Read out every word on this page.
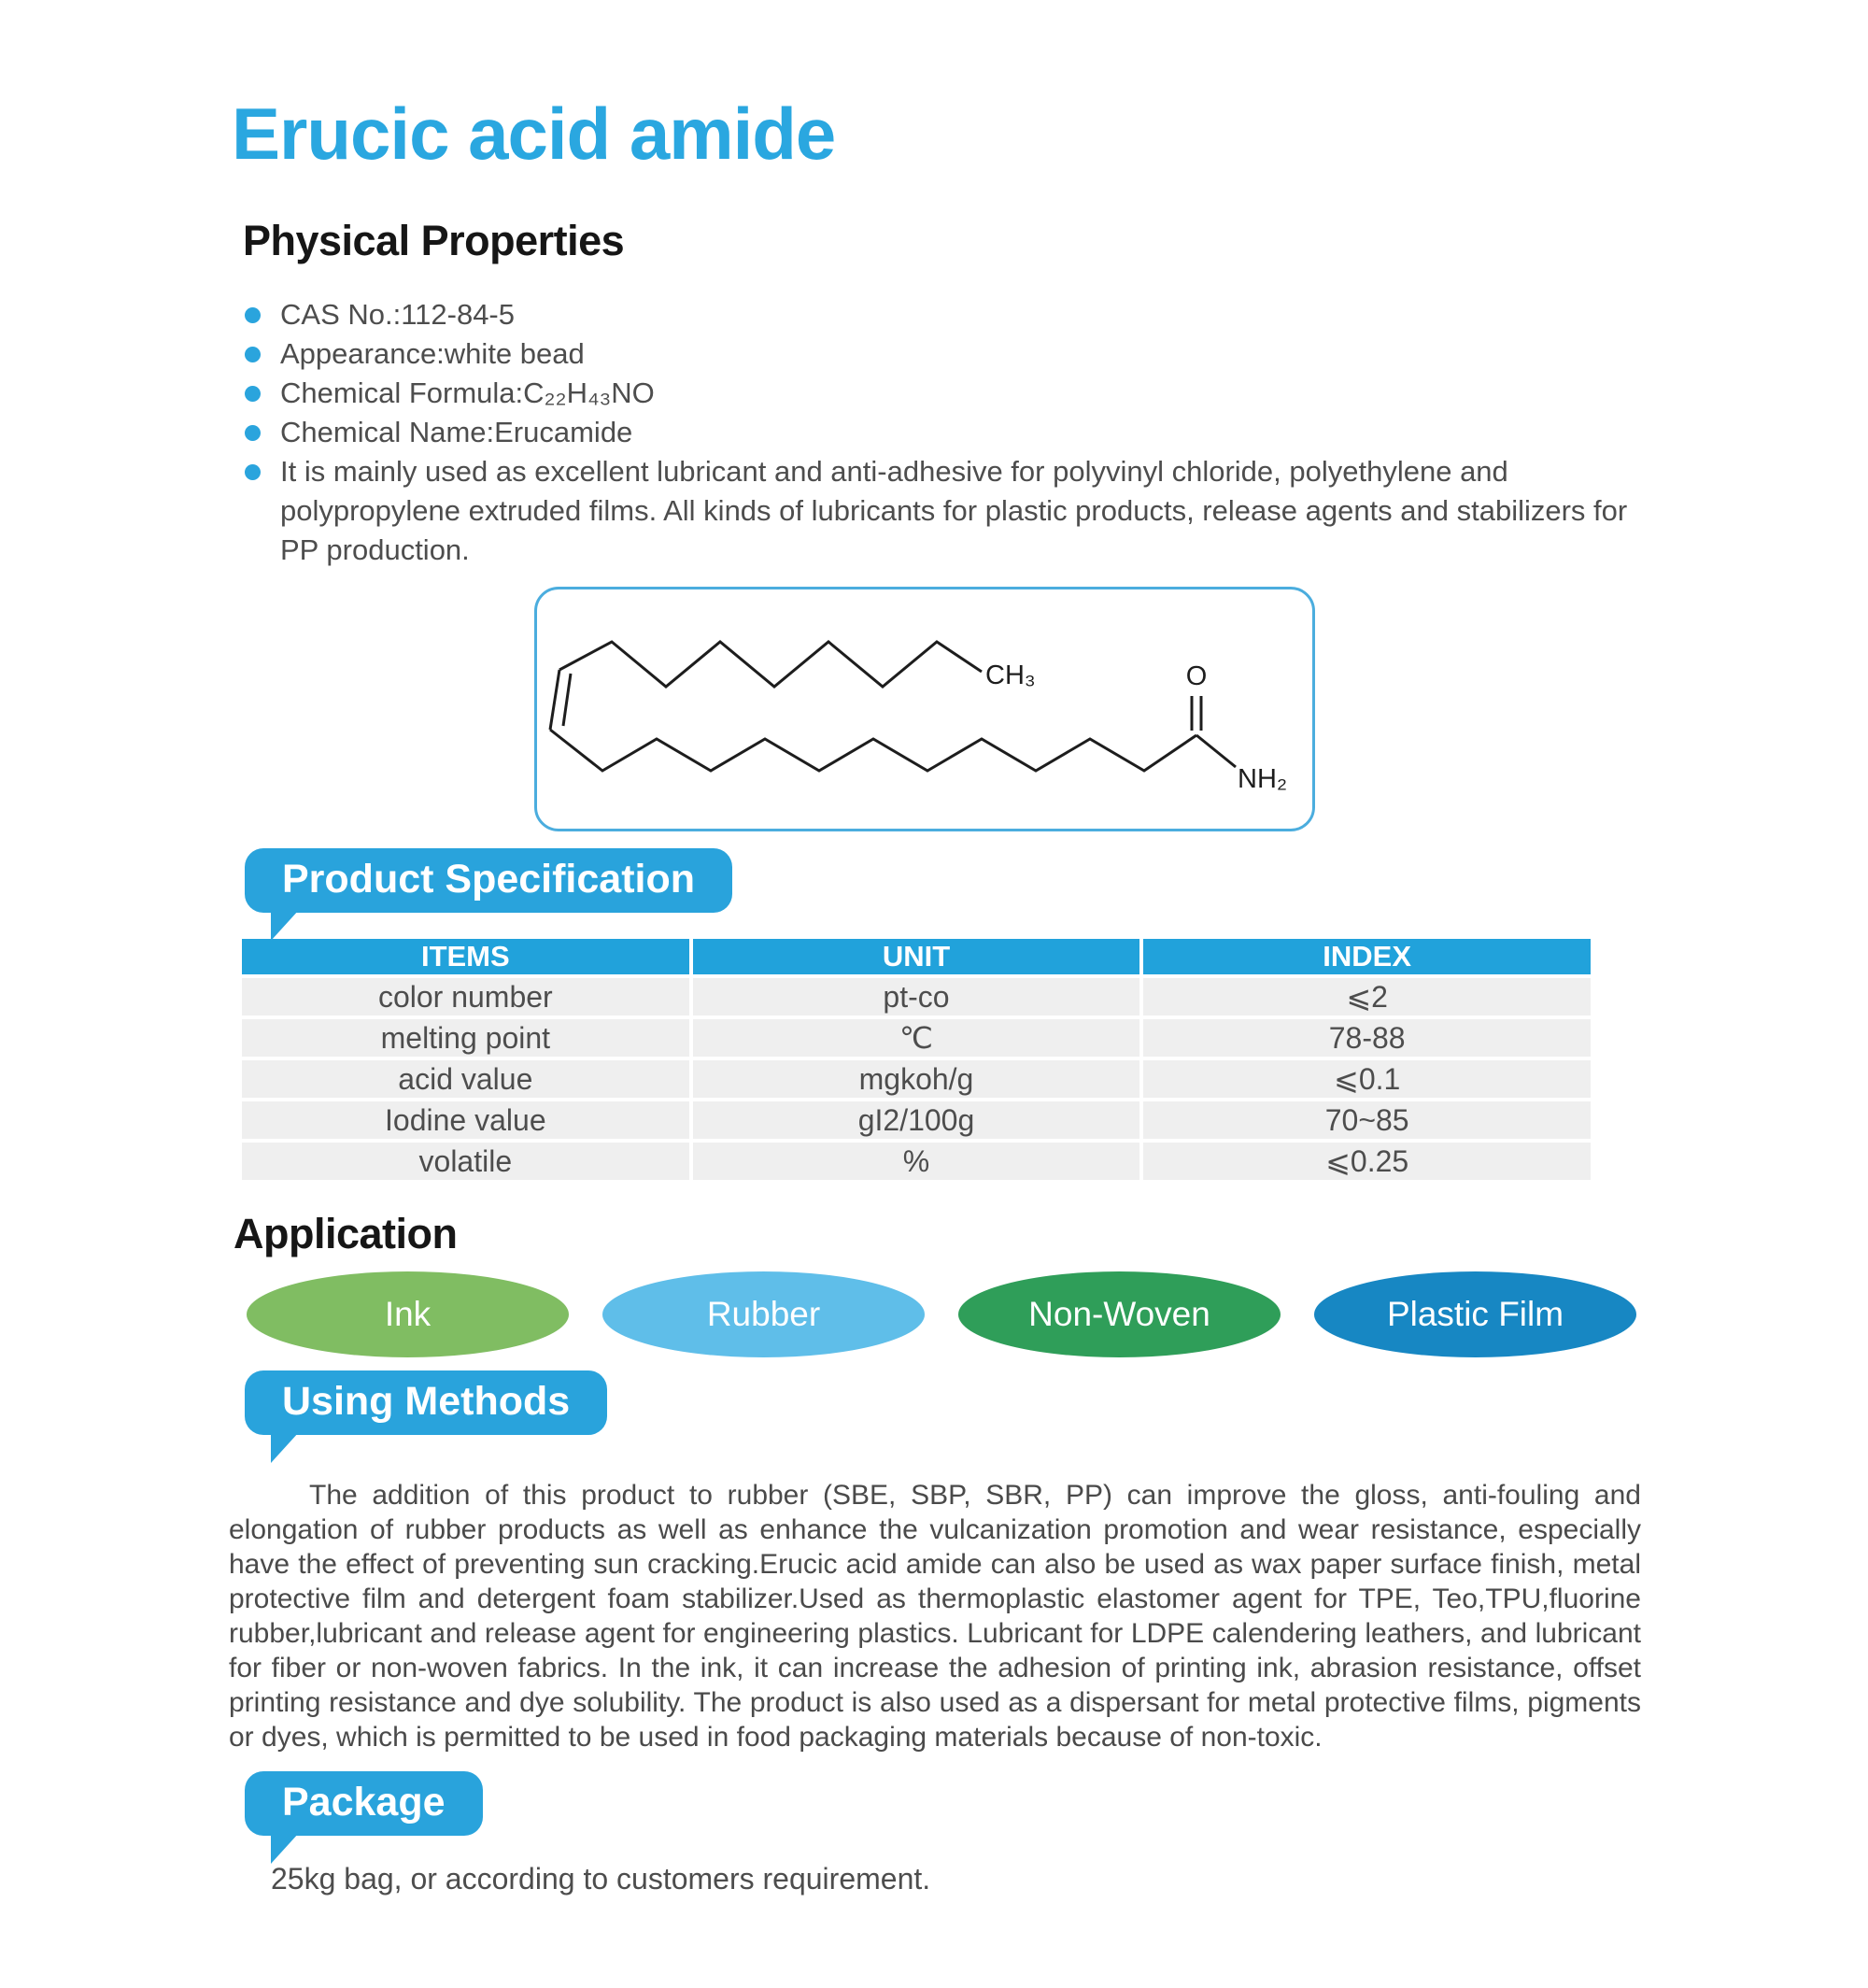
Erucic acid amide
Physical Properties
CAS No.:112-84-5
Appearance:white bead
Chemical Formula:C₂₂H₄₃NO
Chemical Name:Erucamide
It is mainly used as excellent lubricant and anti-adhesive for polyvinyl chloride, polyethylene and polypropylene extruded films. All kinds of lubricants for plastic products, release agents and stabilizers for PP production.
CH₃	O
NH₂
Product Specification
ITEMS	UNIT	INDEX
color number	pt-co	⩽2
melting point	℃	78-88
acid value	mgkoh/g	⩽0.1
Iodine value	gI2/100g	70~85
volatile	%	⩽0.25
Application
Ink	Rubber	Non-Woven	Plastic Film
Using Methods

The addition of this product to rubber (SBE, SBP, SBR, PP) can improve the gloss, anti-fouling and elongation of rubber products as well as enhance the vulcanization promotion and wear resistance, especially have the effect of preventing sun cracking.Erucic acid amide can also be used as wax paper surface finish, metal protective film and detergent foam stabilizer.Used as thermoplastic elastomer agent for TPE, Teo,TPU,fluorine rubber,lubricant and release agent for engineering plastics. Lubricant for LDPE calendering leathers, and lubricant for fiber or non-woven fabrics. In the ink, it can increase the adhesion of printing ink, abrasion resistance, offset printing resistance and dye solubility. The product is also used as a dispersant for metal protective films, pigments or dyes, which is permitted to be used in food packaging materials because of non-toxic.

Package

25kg bag, or according to customers requirement.
